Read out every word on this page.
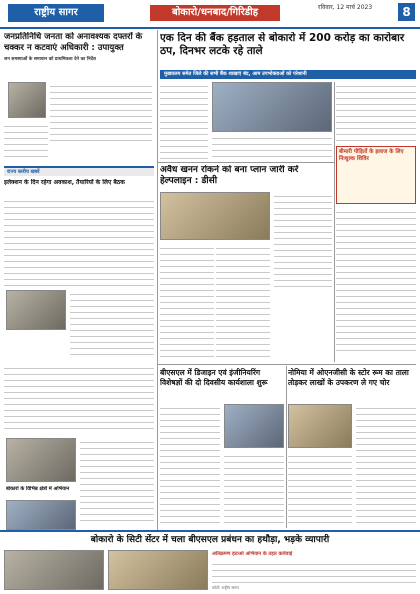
राष्ट्रीय सागर	बोकारो/धनबाद/गिरिडीह	रविवार, 12 मार्च 2023	8
जनप्रतिनिधि जनता को अनावश्यक दफ्तरों के चक्कर न कटवाएं अधिकारी : उपायुक्त
जन समस्याओं के समाधान को प्राथमिकता देने का निर्देश

एक दिन की बैंक हड़ताल से बोकारो में 200 करोड़ का कारोबार ठप, दिनभर लटके रहे ताले
मुख्यालय समेत जिले की सभी बैंक शाखाएं बंद, आम उपभोक्ताओं को परेशानी

बीमारी पीड़ितों के इलाज के लिए निःशुल्क शिविर
अवैध खनन रोकने को बना प्लान जारी करें हेल्पलाइन : डीसी

राज्य स्तरीय खबरें
इलेक्शन के दिन रहेगा अवकाश, तैयारियों के लिए बैठक

बीएसएल में डिजाइन एवं इंजीनियरिंग विशेषज्ञों की दो दिवसीय कार्यशाला शुरू
नोमिया में ओएनजीसी के स्टोर रूम का ताला तोड़कर लाखों के उपकरण ले गए चोर

बोकारो के विभिन्न क्षेत्रों में अभियान
बोकारो के सिटी सेंटर में चला बीएसएल प्रबंधन का हथौड़ा, भड़के व्यापारी
अतिक्रमण हटाओ अभियान के तहत कार्रवाई

फोटो: राष्ट्रीय सागर
